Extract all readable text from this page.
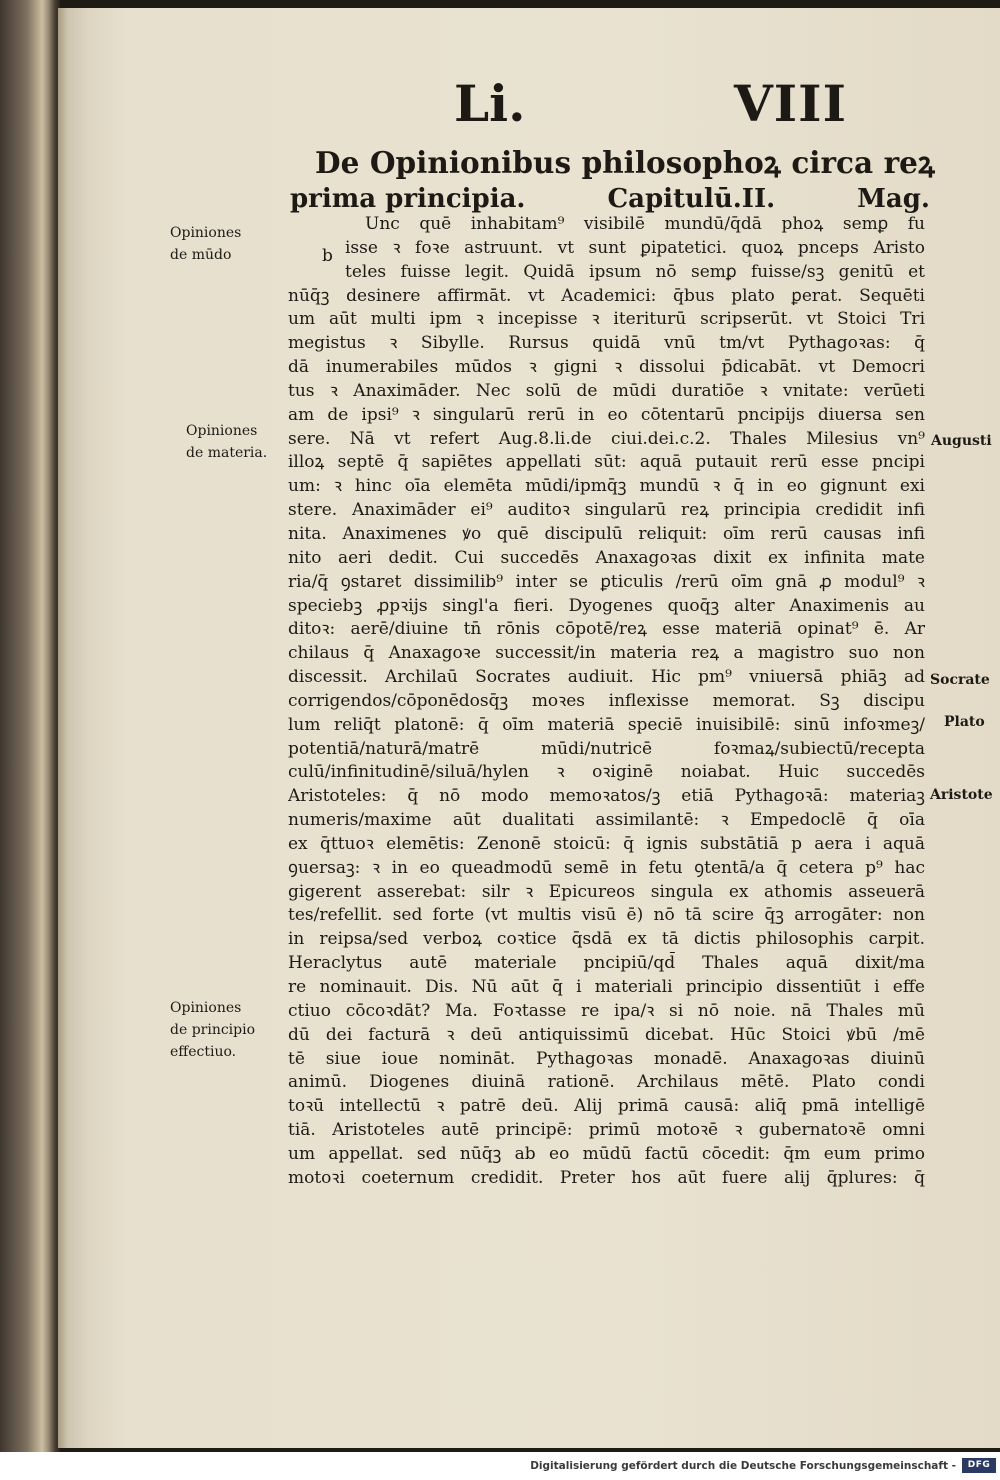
Li.	VIII
De Opinionibus philosophoꝝ circa reꝝ
prima principia.	Capitulū.II.	Mag.
b
Unc quē inhabitam⁹ visibilē mundū/q̄dā phoꝝ semꝑ fu
isse ꝛ foꝛe astruunt. vt sunt ꝑipatetici. quoꝝ pnceps Aristo
teles fuisse legit. Quidā ipsum nō semꝑ fuisse/sꝫ genitū et
nūq̄ꝫ desinere affirmāt. vt Academici: q̄bus plato ꝑerat. Sequēti
um aūt multi ipm ꝛ incepisse ꝛ iteriturū scripserūt. vt Stoici Tri
megistus ꝛ Sibylle. Rursus quidā vnū tm/vt Pythagoꝛas: q̄
dā inumerabiles mūdos ꝛ gigni ꝛ dissolui p̄dicabāt. vt Democri
tus ꝛ Anaximāder. Nec solū de mūdi duratiōe ꝛ vnitate: verūeti
am de ipsi⁹ ꝛ singularū rerū in eo cōtentarū pncipijs diuersa sen
sere. Nā vt refert Aug.8.li.de ciui.dei.c.2. Thales Milesius vn⁹
illoꝝ septē q̄ sapiētes appellati sūt: aquā putauit rerū esse pncipi
um: ꝛ hinc oīa elemēta mūdi/ipmq̄ꝫ mundū ꝛ q̄ in eo gignunt exi
stere. Anaximāder ei⁹ auditoꝛ singularū reꝝ principia credidit infi
nita. Anaximenes ꝟo quē discipulū reliquit: oīm rerū causas infi
nito aeri dedit. Cui succedēs Anaxagoꝛas dixit ex infinita mate
ria/q̄ ꝯstaret dissimilib⁹ inter se ꝑticulis /rerū oīm gnā ꝓ modul⁹ ꝛ
speciebꝫ ꝓpꝛijs singl'a fieri. Dyogenes quoq̄ꝫ alter Anaximenis au
ditoꝛ: aerē/diuine tn̄ rōnis cōpotē/reꝝ esse materiā opinat⁹ ē. Ar
chilaus q̄ Anaxagoꝛe successit/in materia reꝝ a magistro suo non
discessit. Archilaū Socrates audiuit. Hic pm⁹ vniuersā phiāꝫ ad
corrigendos/cōponēdosq̄ꝫ moꝛes inflexisse memorat. Sꝫ discipu
lum reliq̄t platonē: q̄ oīm materiā speciē inuisibilē: sinū infoꝛmeꝫ/
potentiā/naturā/matrē mūdi/nutricē foꝛmaꝝ/subiectū/recepta
culū/infinitudinē/siluā/hylen ꝛ oꝛiginē noiabat. Huic succedēs
Aristoteles: q̄ nō modo memoꝛatos/ꝫ etiā Pythagoꝛā: materiaꝫ
numeris/maxime aūt dualitati assimilantē: ꝛ Empedoclē q̄ oīa
ex q̄ttuoꝛ elemētis: Zenonē stoicū: q̄ ignis substātiā p aera i aquā
ꝯuersaꝫ: ꝛ in eo queadmodū semē in fetu ꝯtentā/a q̄ cetera p⁹ hac
gigerent asserebat: silr ꝛ Epicureos singula ex athomis asseuerā
tes/refellit. sed forte (vt multis visū ē) nō tā scire q̄ꝫ arrogāter: non
in reipsa/sed verboꝝ coꝛtice q̄sdā ex tā dictis philosophis carpit.
Heraclytus autē materiale pncipiū/qd̄ Thales aquā dixit/ma
re nominauit. Dis. Nū aūt q̄ i materiali principio dissentiūt i effe
ctiuo cōcoꝛdāt? Ma. Foꝛtasse re ipa/ꝛ si nō noie. nā Thales mū
dū dei facturā ꝛ deū antiquissimū dicebat. Hūc Stoici ꝟbū /mē
tē siue ioue nomināt. Pythagoꝛas monadē. Anaxagoꝛas diuinū
animū. Diogenes diuinā rationē. Archilaus mētē. Plato condi
toꝛū intellectū ꝛ patrē deū. Alij primā causā: aliq̄ pmā intelligē
tiā. Aristoteles autē principē: primū motoꝛē ꝛ gubernatoꝛē omni
um appellat. sed nūq̄ꝫ ab eo mūdū factū cōcedit: q̄m eum primo
motoꝛi coeternum credidit. Preter hos aūt fuere alij q̄plures: q̄
Opiniones
de mūdo
Opiniones
de materia.
Opiniones
de principio
effectiuo.
Augusti
Socrate
Plato
Aristote
Digitalisierung gefördert durch die Deutsche Forschungsgemeinschaft -	DFG
